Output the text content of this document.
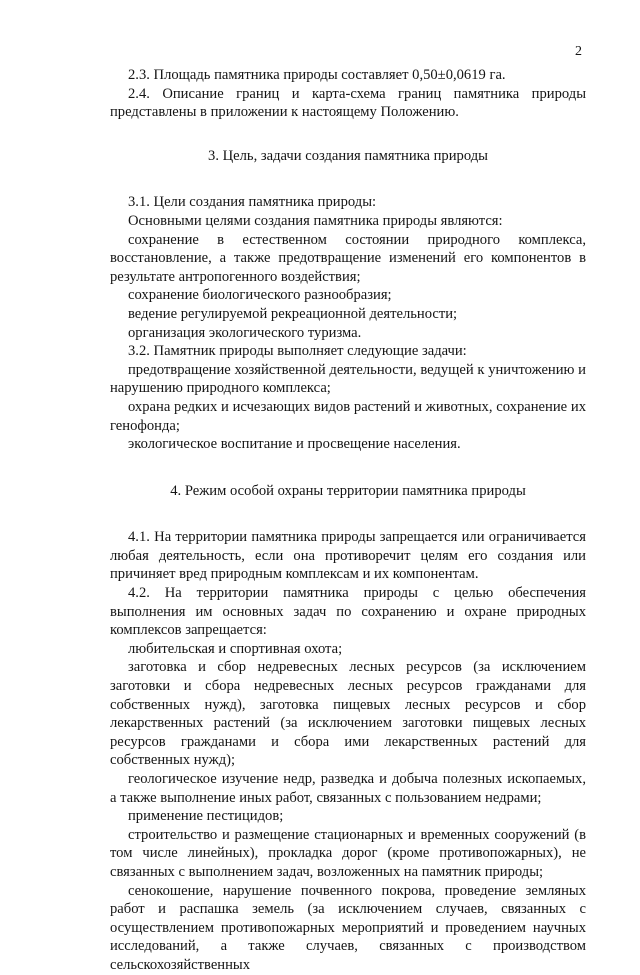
2

2.3. Площадь памятника природы составляет 0,50±0,0619 га.

2.4. Описание границ и карта-схема границ памятника природы представлены в приложении к настоящему Положению.

3. Цель, задачи создания памятника природы

3.1. Цели создания памятника природы:

Основными целями создания памятника природы являются:

сохранение в естественном состоянии природного комплекса, восстановление, а также предотвращение изменений его компонентов в результате антропогенного воздействия;

сохранение биологического разнообразия;

ведение регулируемой рекреационной деятельности;

организация экологического туризма.

3.2. Памятник природы выполняет следующие задачи:

предотвращение хозяйственной деятельности, ведущей к уничтожению и нарушению природного комплекса;

охрана редких и исчезающих видов растений и животных, сохранение их генофонда;

экологическое воспитание и просвещение населения.

4. Режим особой охраны территории памятника природы

4.1. На территории памятника природы запрещается или ограничивается любая деятельность, если она противоречит целям его создания или причиняет вред природным комплексам и их компонентам.

4.2. На территории памятника природы с целью обеспечения выполнения им основных задач по сохранению и охране природных комплексов запрещается:

любительская и спортивная охота;

заготовка и сбор недревесных лесных ресурсов (за исключением заготовки и сбора недревесных лесных ресурсов гражданами для собственных нужд), заготовка пищевых лесных ресурсов и сбор лекарственных растений (за исключением заготовки пищевых лесных ресурсов гражданами и сбора ими лекарственных растений для собственных нужд);

геологическое изучение недр, разведка и добыча полезных ископаемых, а также выполнение иных работ, связанных с пользованием недрами;

применение пестицидов;

строительство и размещение стационарных и временных сооружений (в том числе линейных), прокладка дорог (кроме противопожарных), не связанных с выполнением задач, возложенных на памятник природы;

сенокошение, нарушение почвенного покрова, проведение земляных работ и распашка земель (за исключением случаев, связанных с осуществлением противопожарных мероприятий и проведением научных исследований, а также случаев, связанных с производством сельскохозяйственных
